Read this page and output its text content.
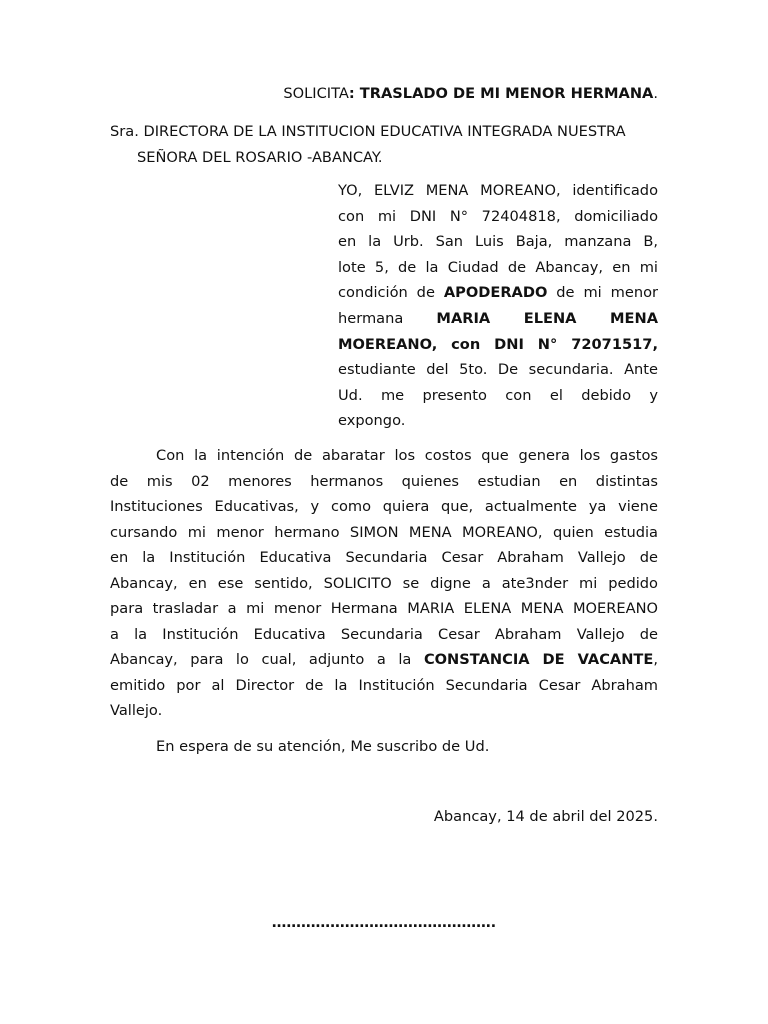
SOLICITA: TRASLADO DE MI MENOR HERMANA.
Sra. DIRECTORA DE LA INSTITUCION EDUCATIVA INTEGRADA NUESTRA
SEÑORA DEL ROSARIO -ABANCAY.
YO, ELVIZ MENA MOREANO, identificado
con mi DNI N° 72404818, domiciliado
en la Urb. San Luis Baja, manzana B,
lote 5, de la Ciudad de Abancay, en mi
condición de APODERADO de mi menor
hermana MARIA ELENA MENA
MOEREANO, con DNI N° 72071517,
estudiante del 5to. De secundaria. Ante
Ud. me presento con el debido y
expongo.
Con la intención de abaratar los costos que genera los gastos
de mis 02 menores hermanos quienes estudian en distintas
Instituciones Educativas, y como quiera que, actualmente ya viene
cursando mi menor hermano SIMON MENA MOREANO, quien estudia
en la Institución Educativa Secundaria Cesar Abraham Vallejo de
Abancay, en ese sentido, SOLICITO se digne a ate3nder mi pedido
para trasladar a mi menor Hermana MARIA ELENA MENA MOEREANO
a la Institución Educativa Secundaria Cesar Abraham Vallejo de
Abancay, para lo cual, adjunto a la CONSTANCIA DE VACANTE,
emitido por al Director de la Institución Secundaria Cesar Abraham
Vallejo.
En espera de su atención, Me suscribo de Ud.
Abancay, 14 de abril del 2025.
……………………………………….
